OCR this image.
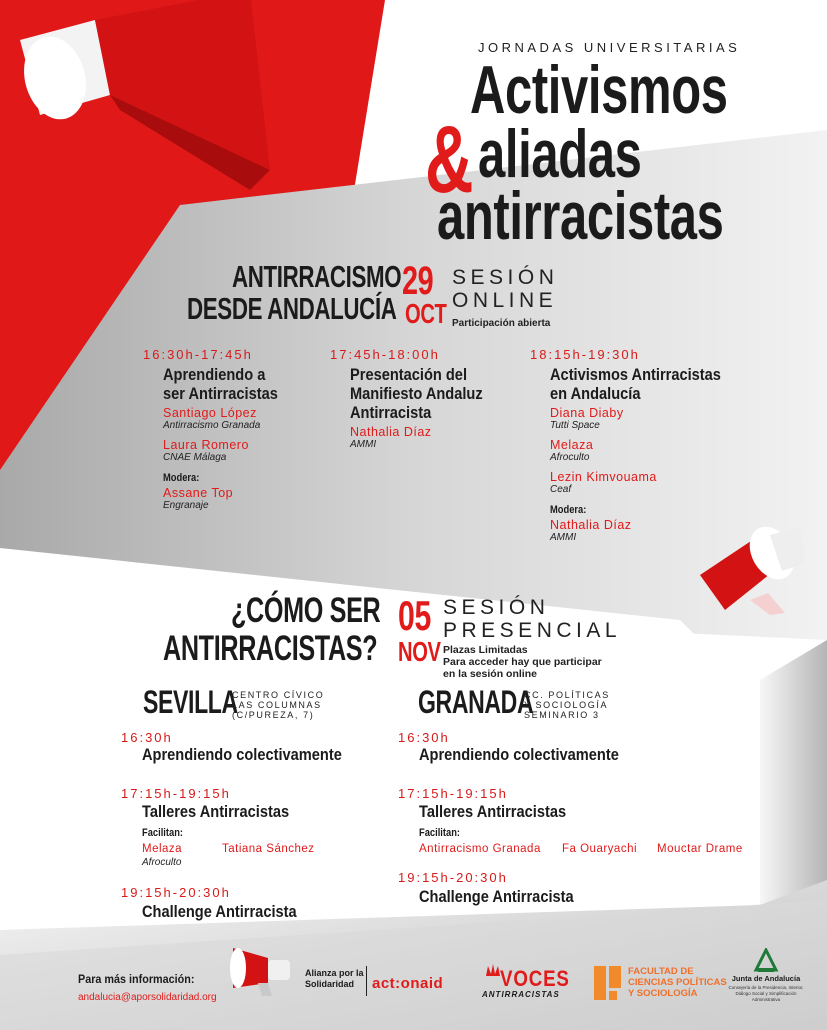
JORNADAS UNIVERSITARIAS
Activismos
& aliadas
antirracistas
ANTIRRACISMO
DESDE ANDALUCÍA
29
OCT
SESIÓN
ONLINE
Participación abierta
16:30h-17:45h
Aprendiendo a
ser Antirracistas
Santiago López
Antirracismo Granada
Laura Romero
CNAE Málaga
Modera:
Assane Top
Engranaje
17:45h-18:00h
Presentación del
Manifiesto Andaluz
Antirracista
Nathalia Díaz
AMMI
18:15h-19:30h
Activismos Antirracistas
en Andalucía
Diana Diaby
Tutti Space
Melaza
Afroculto
Lezin Kimvouama
Ceaf
Modera:
Nathalia Díaz
AMMI
¿CÓMO SER
ANTIRRACISTAS?
05
NOV
SESIÓN
PRESENCIAL
Plazas Limitadas
Para acceder hay que participar
en la sesión online
SEVILLA
CENTRO CÍVICO
LAS COLUMNAS
(C/PUREZA, 7)
16:30h
Aprendiendo colectivamente
17:15h-19:15h
Talleres Antirracistas
Facilitan:
Melaza
Afroculto
Tatiana Sánchez
19:15h-20:30h
Challenge Antirracista
GRANADA
CC. POLÍTICAS
Y SOCIOLOGÍA
SEMINARIO 3
16:30h
Aprendiendo colectivamente
17:15h-19:15h
Talleres Antirracistas
Facilitan:
Antirracismo Granada Fa Ouaryachi Mouctar Drame
19:15h-20:30h
Challenge Antirracista
Para más información:
andalucia@aporsolidaridad.org
Alianza por la
Solidaridad	act:onaid	VOCES
ANTIRRACISTAS
FACULTAD DE
CIENCIAS POLÍTICAS
Y SOCIOLOGÍA
Junta de Andalucía
Consejería de la Presidencia, Interior, Diálogo Social y Simplificación Administrativa
